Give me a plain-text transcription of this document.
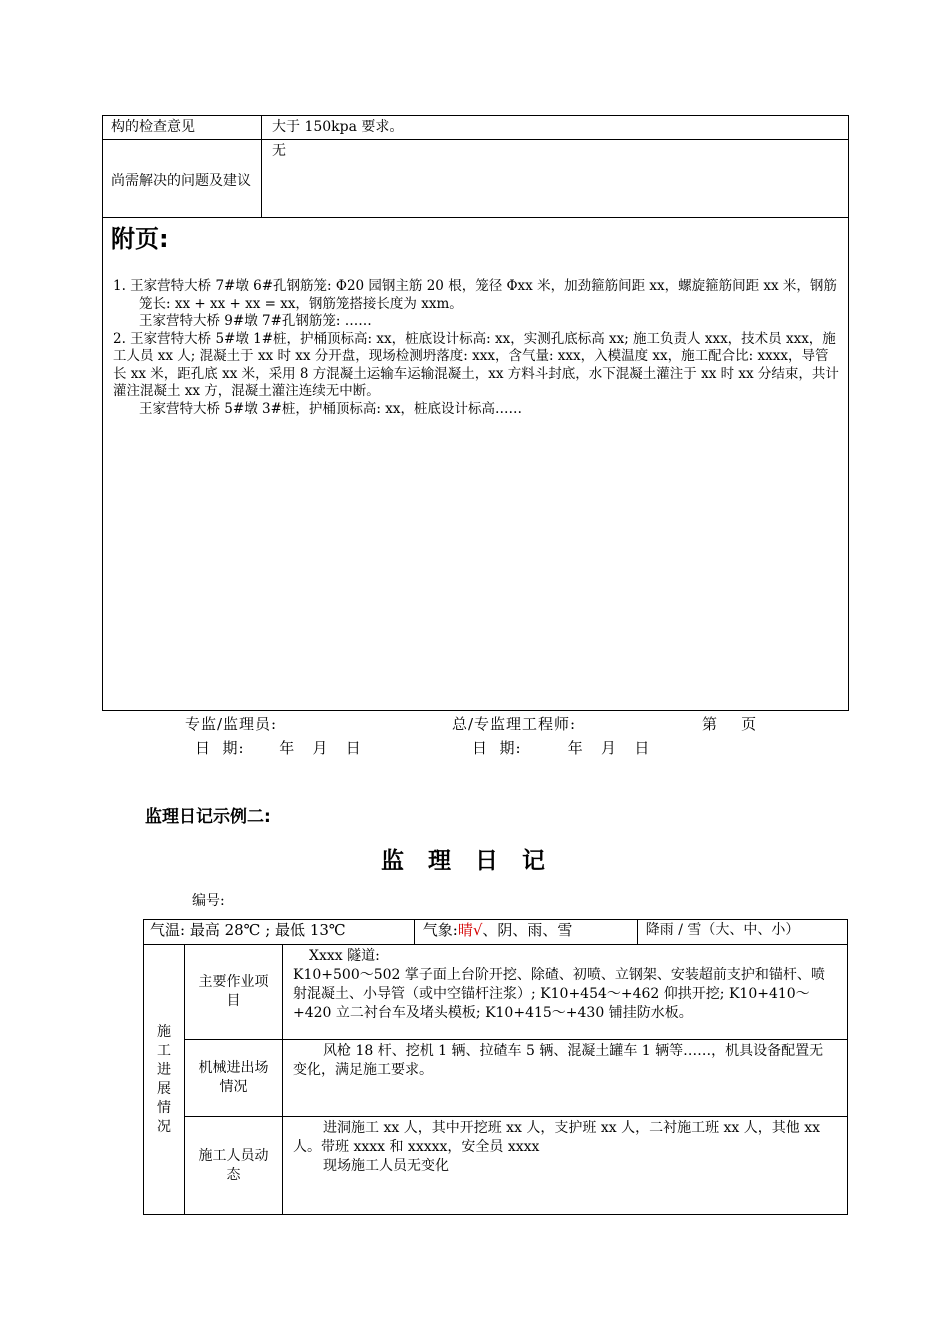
构的检查意见	大于 150kpa 要求。
尚需解决的问题及建议	无

附页:

1. 王家营特大桥 7#墩 6#孔钢筋笼: Φ20 园钢主筋 20 根，笼径 Φxx 米，加劲箍筋间距 xx，螺旋箍筋间距 xx 米，钢筋笼长: xx + xx + xx = xx，钢筋笼搭接长度为 xxm。

王家营特大桥 9#墩 7#孔钢筋笼: ……

2. 王家营特大桥 5#墩 1#桩，护桶顶标高: xx，桩底设计标高: xx，实测孔底标高 xx; 施工负责人 xxx，技术员 xxx，施工人员 xx 人; 混凝土于 xx 时 xx 分开盘，现场检测坍落度: xxx，含气量: xxx，入模温度 xx，施工配合比: xxxx，导管长 xx 米，距孔底 xx 米，采用 8 方混凝土运输车运输混凝土，xx 方料斗封底，水下混凝土灌注于 xx 时 xx 分结束，共计灌注混凝土 xx 方，混凝土灌注连续无中断。

王家营特大桥 5#墩 3#桩，护桶顶标高: xx，桩底设计标高……	

专监/监理员:	总/专监理工程师:	第    页
日  期:      年   月   日	日  期:        年   月   日
监理日记示例二:
监理日记
编号:
气温: 最高 28℃ ; 最低 13℃			气象:晴√、阴、雨、雪	降雨 / 雪（大、中、小）

施工进展情况	主要作业项目	Xxxx 隧道:
K10+500～502 掌子面上台阶开挖、除碴、初喷、立钢架、安装超前支护和锚杆、喷射混凝土、小导管（或中空锚杆注浆）; K10+454～+462 仰拱开挖; K10+410～+420 立二衬台车及堵头模板; K10+415～+430 铺挂防水板。		

	机械进出场情况	风枪 18 杆、挖机 1 辆、拉碴车 5 辆、混凝土罐车 1 辆等……，机具设备配置无变化，满足施工要求。		

	施工人员动态	进洞施工 xx 人，其中开挖班 xx 人，支护班 xx 人，二衬施工班 xx 人，其他 xx 人。带班 xxxx 和 xxxxx，安全员 xxxx
现场施工人员无变化		
